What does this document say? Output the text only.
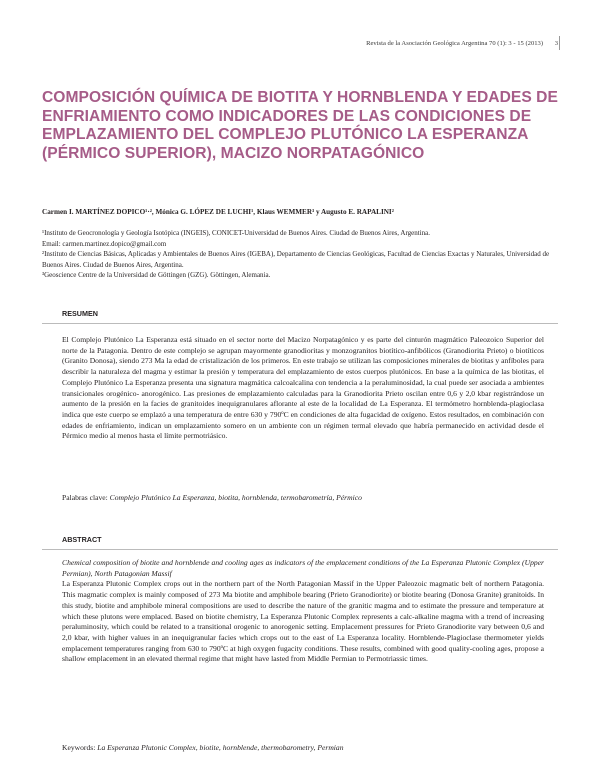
Revista de la Asociación Geológica Argentina 70 (1): 3 - 15 (2013) 3
COMPOSICIÓN QUÍMICA DE BIOTITA Y HORNBLENDA Y EDADES DE ENFRIAMIENTO COMO INDICADORES DE LAS CONDICIONES DE EMPLAZAMIENTO DEL COMPLEJO PLUTÓNICO LA ESPERANZA (PÉRMICO SUPERIOR), MACIZO NORPATAGÓNICO
Carmen I. MARTÍNEZ DOPICO¹·², Mónica G. LÓPEZ DE LUCHI¹, Klaus WEMMER³ y Augusto E. RAPALINI²

¹Instituto de Geocronología y Geología Isotópica (INGEIS), CONICET-Universidad de Buenos Aires. Ciudad de Buenos Aires, Argentina.

Email: carmen.martinez.dopico@gmail.com

²Instituto de Ciencias Básicas, Aplicadas y Ambientales de Buenos Aires (IGEBA), Departamento de Ciencias Geológicas, Facultad de Ciencias Exactas y Naturales, Universidad de Buenos Aires. Ciudad de Buenos Aires, Argentina.

³Geoscience Centre de la Universidad de Göttingen (GZG). Göttingen, Alemania.

RESUMEN

El Complejo Plutónico La Esperanza está situado en el sector norte del Macizo Norpatagónico y es parte del cinturón magmático Paleozoico Superior del norte de la Patagonia. Dentro de este complejo se agrupan mayormente granodioritas y monzogranitos biotítico-anfibólicos (Granodiorita Prieto) o biotíticos (Granito Donosa), siendo 273 Ma la edad de cristalización de los primeros. En este trabajo se utilizan las composiciones minerales de biotitas y anfíboles para describir la naturaleza del magma y estimar la presión y temperatura del emplazamiento de estos cuerpos plutónicos. En base a la química de las biotitas, el Complejo Plutónico La Esperanza presenta una signatura magmática calcoalcalina con tendencia a la peraluminosidad, la cual puede ser asociada a ambientes transicionales orogénico- anorogénico. Las presiones de emplazamiento calculadas para la Granodiorita Prieto oscilan entre 0,6 y 2,0 kbar registrándose un aumento de la presión en la facies de granitoides inequigranulares aflorante al este de la localidad de La Esperanza. El termómetro hornblenda-plagioclasa indica que este cuerpo se emplazó a una temperatura de entre 630 y 790ºC en condiciones de alta fugacidad de oxígeno. Estos resultados, en combinación con edades de enfriamiento, indican un emplazamiento somero en un ambiente con un régimen termal elevado que habría permanecido en actividad desde el Pérmico medio al menos hasta el límite permotriásico.

Palabras clave: Complejo Plutónico La Esperanza, biotita, hornblenda, termobarometría, Pérmico
ABSTRACT

Chemical composition of biotite and hornblende and cooling ages as indicators of the emplacement conditions of the La Esperanza Plutonic Complex (Upper Permian), North Patagonian Massif

La Esperanza Plutonic Complex crops out in the northern part of the North Patagonian Massif in the Upper Paleozoic magmatic belt of northern Patagonia. This magmatic complex is mainly composed of 273 Ma biotite and amphibole bearing (Prieto Granodiorite) or biotite bearing (Donosa Granite) granitoids. In this study, biotite and amphibole mineral compositions are used to describe the nature of the granitic magma and to estimate the pressure and temperature at which these plutons were emplaced. Based on biotite chemistry, La Esperanza Plutonic Complex represents a calc-alkaline magma with a trend of increasing peraluminosity, which could be related to a transitional orogenic to anorogenic setting. Emplacement pressures for Prieto Granodiorite vary between 0,6 and 2,0 kbar, with higher values in an inequigranular facies which crops out to the east of La Esperanza locality. Hornblende-Plagioclase thermometer yields emplacement temperatures ranging from 630 to 790ºC at high oxygen fugacity conditions. These results, combined with good quality-cooling ages, propose a shallow emplacement in an elevated thermal regime that might have lasted from Middle Permian to Permotriassic times.

Keywords: La Esperanza Plutonic Complex, biotite, hornblende, thermobarometry, Permian
